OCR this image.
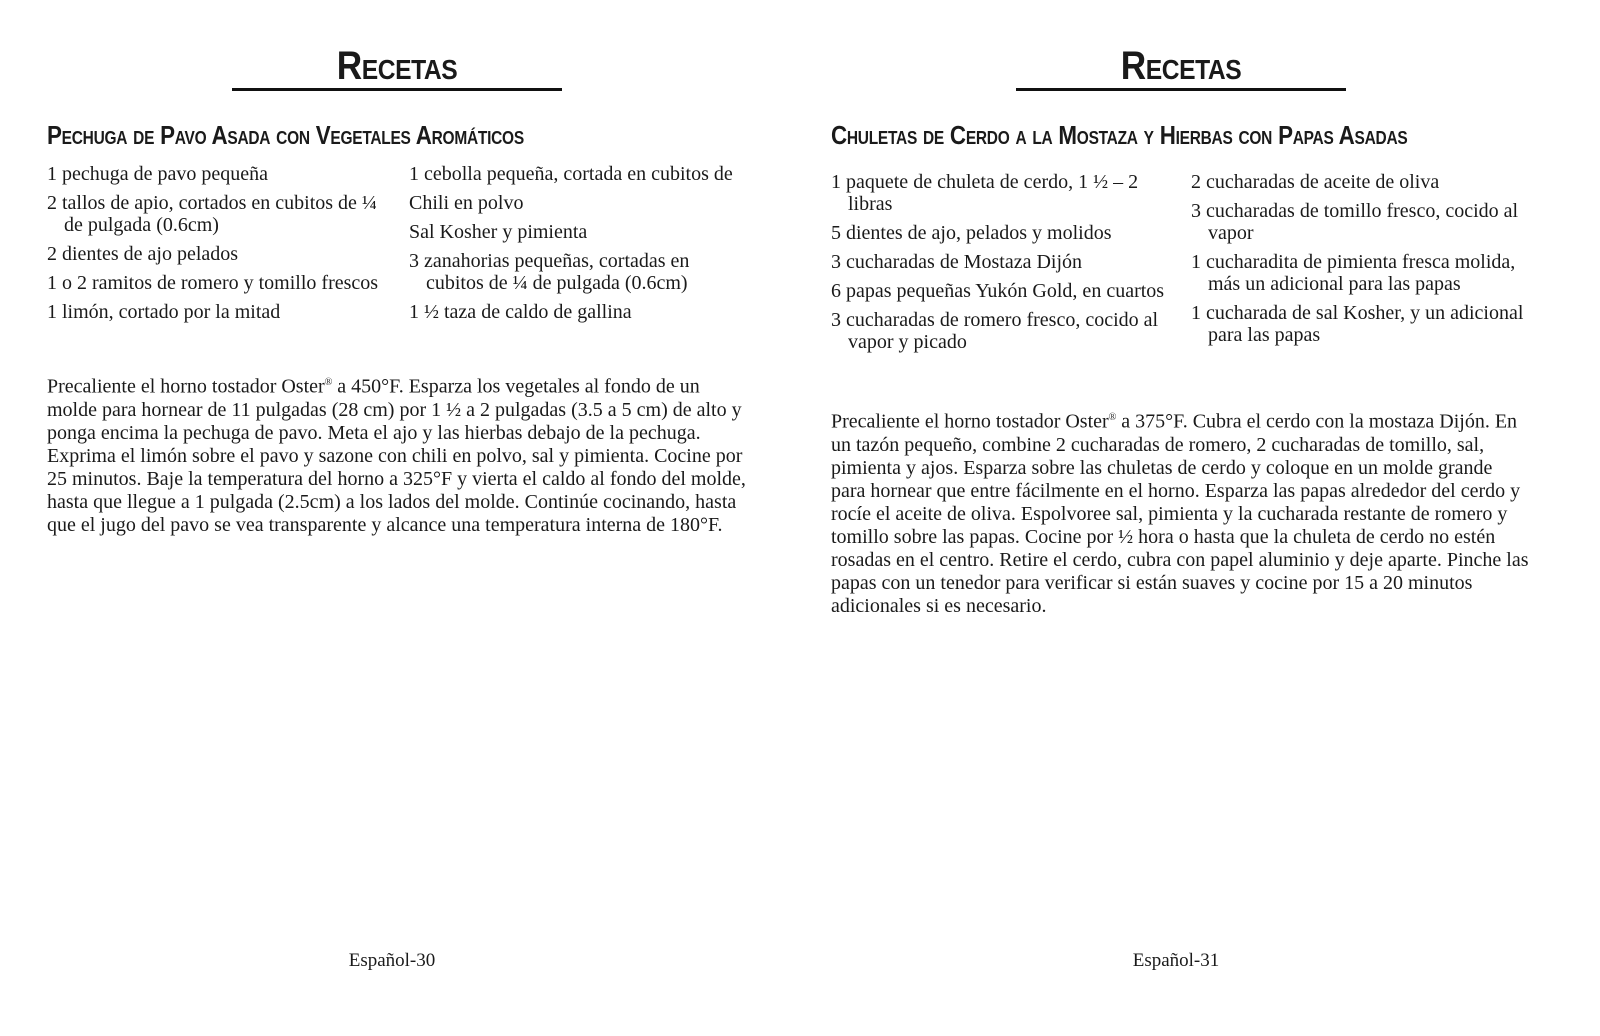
Recetas
Pechuga de Pavo Asada con Vegetales Aromáticos
1 pechuga de pavo pequeña
2 tallos de apio, cortados en cubitos de ¼ de pulgada (0.6cm)
2 dientes de ajo pelados
1 o 2 ramitos de romero y tomillo frescos
1 limón, cortado por la mitad
1 cebolla pequeña, cortada en cubitos de
Chili en polvo
Sal Kosher y pimienta
3 zanahorias pequeñas, cortadas en cubitos de ¼ de pulgada (0.6cm)
1 ½ taza de caldo de gallina

Precaliente el horno tostador Oster® a 450°F. Esparza los vegetales al fondo de un molde para hornear de 11 pulgadas (28 cm) por 1 ½ a 2 pulgadas (3.5 a 5 cm) de alto y ponga encima la pechuga de pavo. Meta el ajo y las hierbas debajo de la pechuga. Exprima el limón sobre el pavo y sazone con chili en polvo, sal y pimienta. Cocine por 25 minutos. Baje la temperatura del horno a 325°F y vierta el caldo al fondo del molde, hasta que llegue a 1 pulgada (2.5cm) a los lados del molde. Continúe cocinando, hasta que el jugo del pavo se vea transparente y alcance una temperatura interna de 180°F.

Español-30
Recetas
Chuletas de Cerdo a la Mostaza y Hierbas con Papas Asadas
1 paquete de chuleta de cerdo, 1 ½ – 2 libras
5 dientes de ajo, pelados y molidos
3 cucharadas de Mostaza Dijón
6 papas pequeñas Yukón Gold, en cuartos
3 cucharadas de romero fresco, cocido al vapor y picado
2 cucharadas de aceite de oliva
3 cucharadas de tomillo fresco, cocido al vapor
1 cucharadita de pimienta fresca molida, más un adicional para las papas
1 cucharada de sal Kosher, y un adicional para las papas

Precaliente el horno tostador Oster® a 375°F. Cubra el cerdo con la mostaza Dijón. En un tazón pequeño, combine 2 cucharadas de romero, 2 cucharadas de tomillo, sal, pimienta y ajos. Esparza sobre las chuletas de cerdo y coloque en un molde grande para hornear que entre fácilmente en el horno. Esparza las papas alrededor del cerdo y rocíe el aceite de oliva. Espolvoree sal, pimienta y la cucharada restante de romero y tomillo sobre las papas. Cocine por ½ hora o hasta que la chuleta de cerdo no estén rosadas en el centro. Retire el cerdo, cubra con papel aluminio y deje aparte. Pinche las papas con un tenedor para verificar si están suaves y cocine por 15 a 20 minutos adicionales si es necesario.

Español-31
